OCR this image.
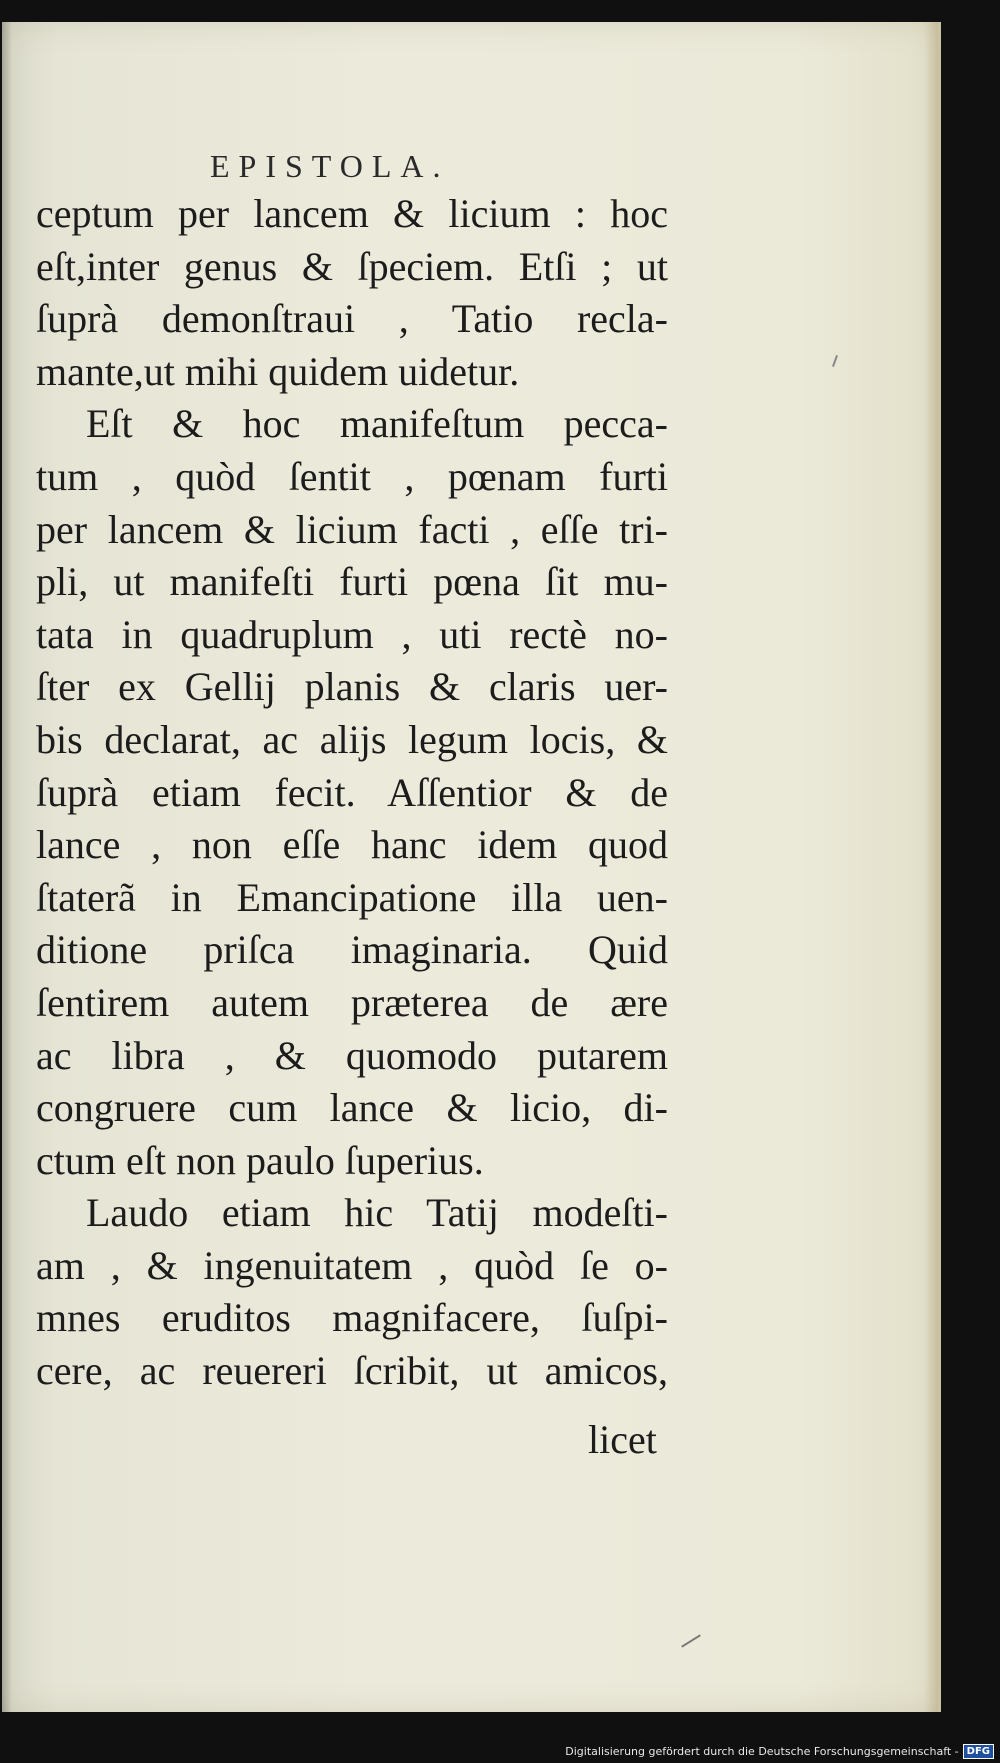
EPISTOLA.
ceptum per lancem & licium : hoc
eſt,inter genus & ſpeciem. Etſi ; ut
ſuprà demonſtraui , Tatio recla-
mante,ut mihi quidem uidetur.
Eſt & hoc manifeſtum pecca-
tum , quòd ſentit , pœnam furti
per lancem & licium facti , eſſe tri-
pli, ut manifeſti furti pœna ſit mu-
tata in quadruplum , uti rectè no-
ſter ex Gellij planis & claris uer-
bis declarat, ac alijs legum locis, &
ſuprà etiam fecit. Aſſentior & de
lance , non eſſe hanc idem quod
ſtaterã in Emancipatione illa uen-
ditione priſca imaginaria. Quid
ſentirem autem præterea de ære
ac libra , & quomodo putarem
congruere cum lance & licio, di-
ctum eſt non paulo ſuperius.
Laudo etiam hic Tatij modeſti-
am , & ingenuitatem , quòd ſe o-
mnes eruditos magnifacere, ſuſpi-
cere, ac reuereri ſcribit, ut amicos,
licet
Digitalisierung gefördert durch die Deutsche Forschungsgemeinschaft - DFG
